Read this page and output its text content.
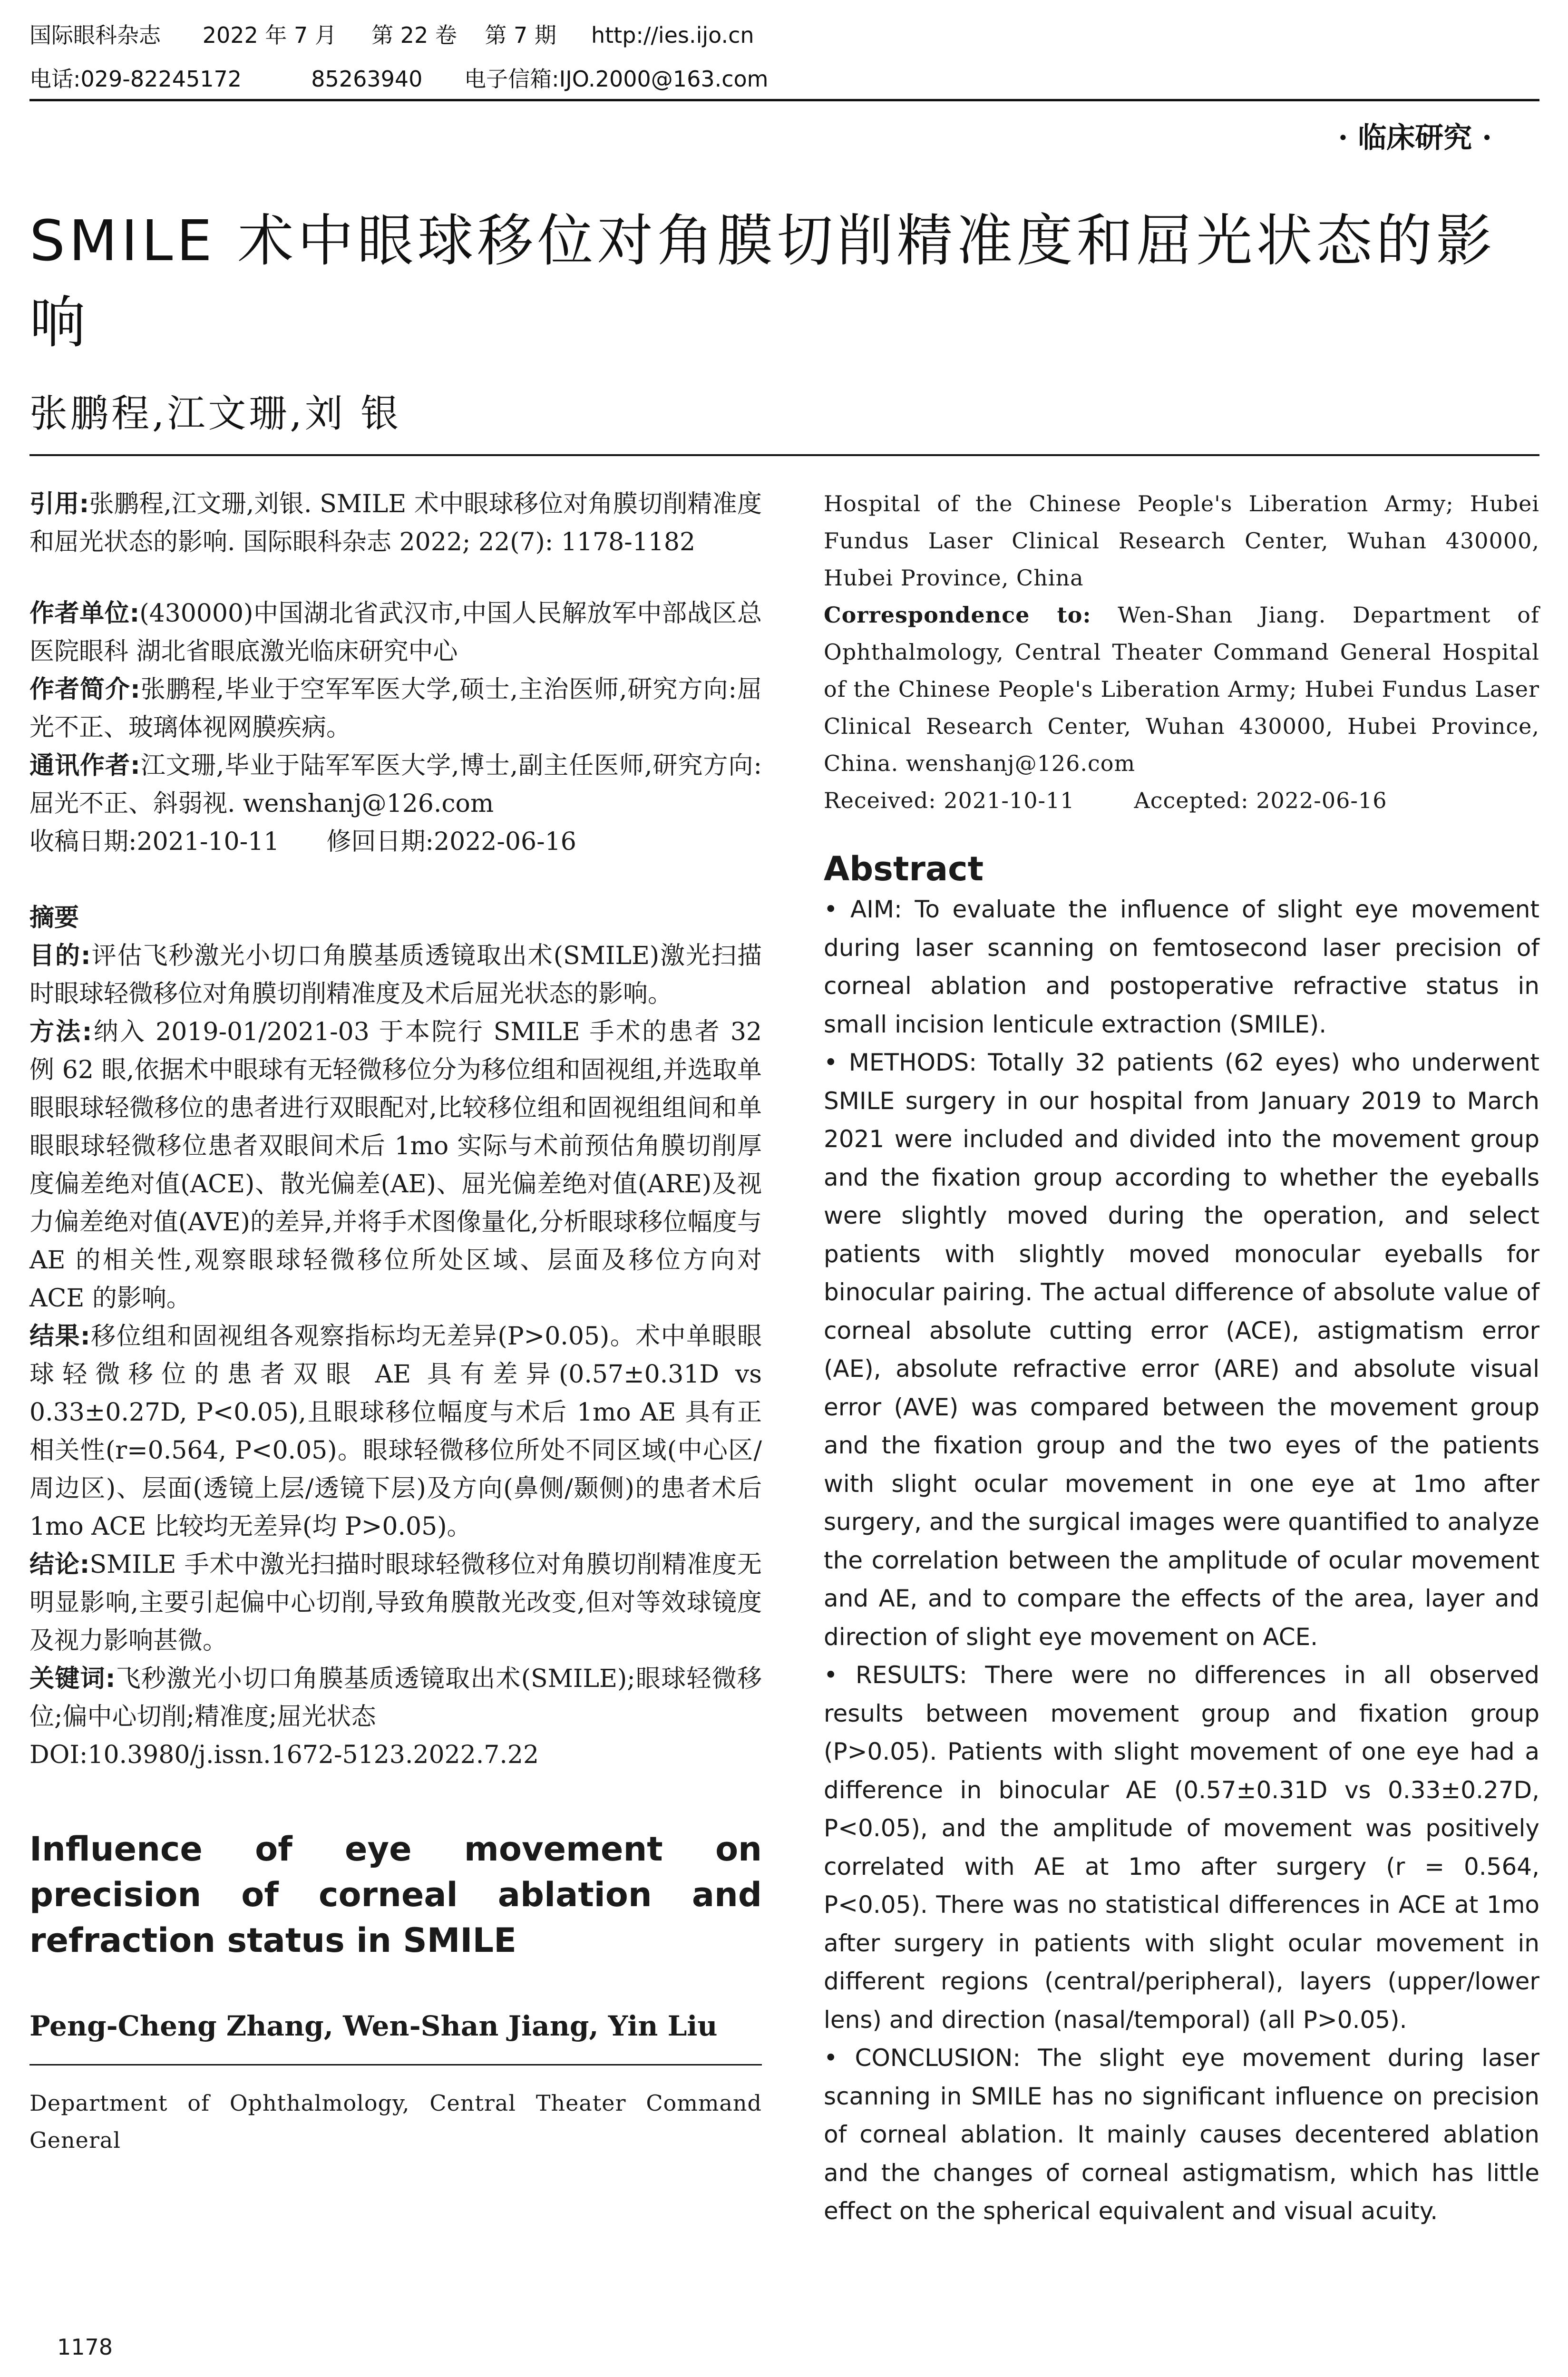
国际眼科杂志 2022 年 7 月 第 22 卷 第 7 期 http://ies.ijo.cn
电话:029-82245172	85263940 电子信箱:IJO.2000@163.com
· 临床研究 ·
SMILE 术中眼球移位对角膜切削精准度和屈光状态的影响
张鹏程,江文珊,刘 银

引用:张鹏程,江文珊,刘银. SMILE 术中眼球移位对角膜切削精准度和屈光状态的影响. 国际眼科杂志 2022; 22(7): 1178-1182

作者单位:(430000)中国湖北省武汉市,中国人民解放军中部战区总医院眼科 湖北省眼底激光临床研究中心

作者简介:张鹏程,毕业于空军军医大学,硕士,主治医师,研究方向:屈光不正、玻璃体视网膜疾病。

通讯作者:江文珊,毕业于陆军军医大学,博士,副主任医师,研究方向:屈光不正、斜弱视. wenshanj@126.com

收稿日期:2021-10-11 修回日期:2022-06-16

摘要

目的:评估飞秒激光小切口角膜基质透镜取出术(SMILE)激光扫描时眼球轻微移位对角膜切削精准度及术后屈光状态的影响。

方法:纳入 2019-01/2021-03 于本院行 SMILE 手术的患者 32 例 62 眼,依据术中眼球有无轻微移位分为移位组和固视组,并选取单眼眼球轻微移位的患者进行双眼配对,比较移位组和固视组组间和单眼眼球轻微移位患者双眼间术后 1mo 实际与术前预估角膜切削厚度偏差绝对值(ACE)、散光偏差(AE)、屈光偏差绝对值(ARE)及视力偏差绝对值(AVE)的差异,并将手术图像量化,分析眼球移位幅度与 AE 的相关性,观察眼球轻微移位所处区域、层面及移位方向对 ACE 的影响。

结果:移位组和固视组各观察指标均无差异(P>0.05)。术中单眼眼球轻微移位的患者双眼 AE 具有差异(0.57±0.31D vs 0.33±0.27D, P<0.05),且眼球移位幅度与术后 1mo AE 具有正相关性(r=0.564, P<0.05)。眼球轻微移位所处不同区域(中心区/周边区)、层面(透镜上层/透镜下层)及方向(鼻侧/颞侧)的患者术后 1mo ACE 比较均无差异(均 P>0.05)。

结论:SMILE 手术中激光扫描时眼球轻微移位对角膜切削精准度无明显影响,主要引起偏中心切削,导致角膜散光改变,但对等效球镜度及视力影响甚微。

关键词:飞秒激光小切口角膜基质透镜取出术(SMILE);眼球轻微移位;偏中心切削;精准度;屈光状态

DOI:10.3980/j.issn.1672-5123.2022.7.22

Influence of eye movement on precision of corneal ablation and refraction status in SMILE

Peng-Cheng Zhang, Wen-Shan Jiang, Yin Liu

Department of Ophthalmology, Central Theater Command General

Hospital of the Chinese People's Liberation Army; Hubei Fundus Laser Clinical Research Center, Wuhan 430000, Hubei Province, China

Correspondence to: Wen-Shan Jiang. Department of Ophthalmology, Central Theater Command General Hospital of the Chinese People's Liberation Army; Hubei Fundus Laser Clinical Research Center, Wuhan 430000, Hubei Province, China. wenshanj@126.com

Received: 2021-10-11	Accepted: 2022-06-16

Abstract

• AIM: To evaluate the influence of slight eye movement during laser scanning on femtosecond laser precision of corneal ablation and postoperative refractive status in small incision lenticule extraction (SMILE).

• METHODS: Totally 32 patients (62 eyes) who underwent SMILE surgery in our hospital from January 2019 to March 2021 were included and divided into the movement group and the fixation group according to whether the eyeballs were slightly moved during the operation, and select patients with slightly moved monocular eyeballs for binocular pairing. The actual difference of absolute value of corneal absolute cutting error (ACE), astigmatism error (AE), absolute refractive error (ARE) and absolute visual error (AVE) was compared between the movement group and the fixation group and the two eyes of the patients with slight ocular movement in one eye at 1mo after surgery, and the surgical images were quantified to analyze the correlation between the amplitude of ocular movement and AE, and to compare the effects of the area, layer and direction of slight eye movement on ACE.

• RESULTS: There were no differences in all observed results between movement group and fixation group (P>0.05). Patients with slight movement of one eye had a difference in binocular AE (0.57±0.31D vs 0.33±0.27D, P<0.05), and the amplitude of movement was positively correlated with AE at 1mo after surgery (r = 0.564, P<0.05). There was no statistical differences in ACE at 1mo after surgery in patients with slight ocular movement in different regions (central/peripheral), layers (upper/lower lens) and direction (nasal/temporal) (all P>0.05).

• CONCLUSION: The slight eye movement during laser scanning in SMILE has no significant influence on precision of corneal ablation. It mainly causes decentered ablation and the changes of corneal astigmatism, which has little effect on the spherical equivalent and visual acuity.

1178
